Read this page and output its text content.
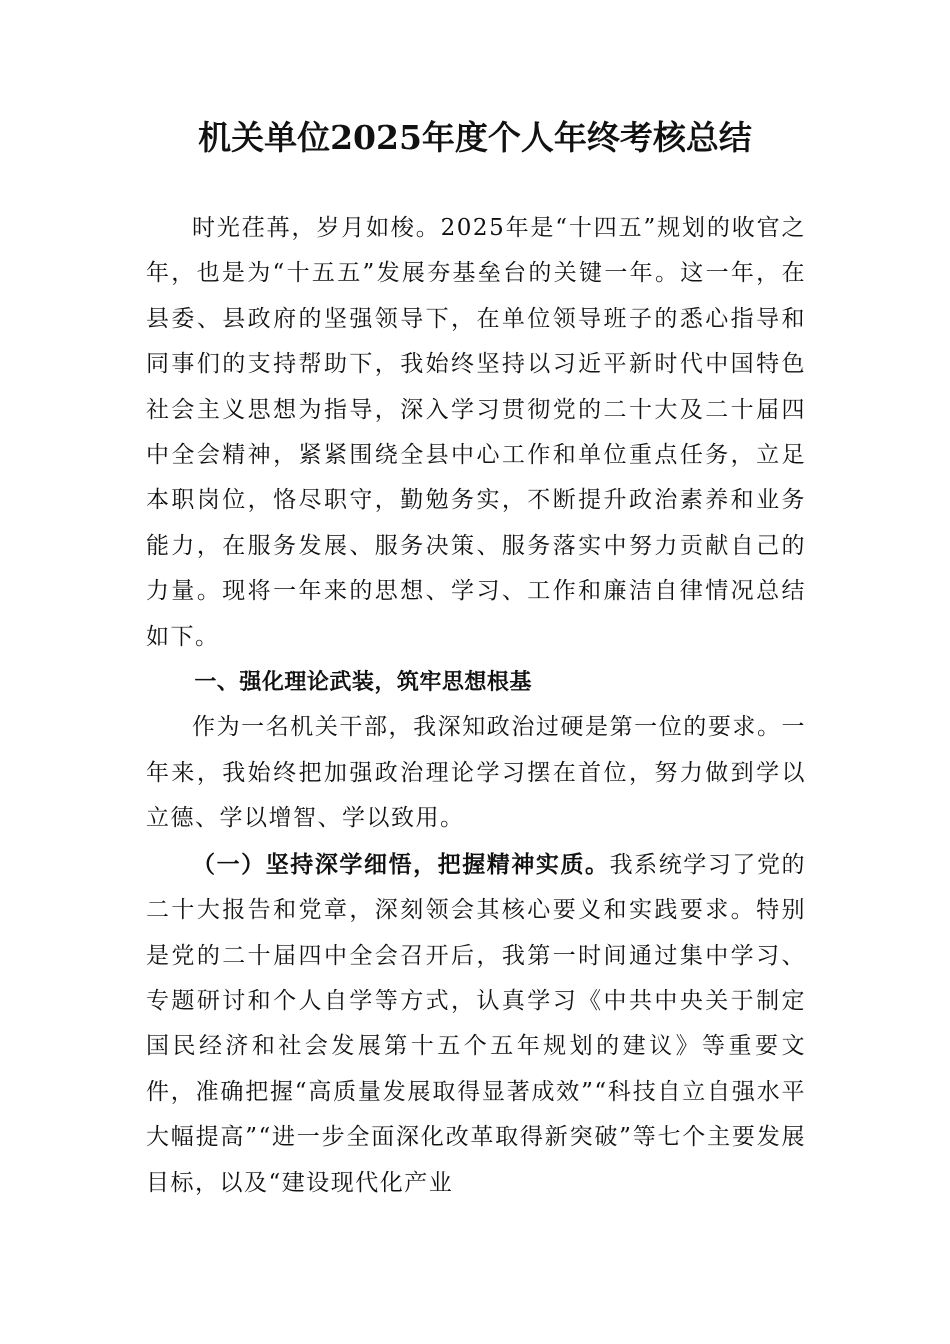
机关单位2025年度个人年终考核总结

时光荏苒，岁月如梭。2025年是“十四五”规划的收官之年，也是为“十五五”发展夯基垒台的关键一年。这一年，在县委、县政府的坚强领导下，在单位领导班子的悉心指导和同事们的支持帮助下，我始终坚持以习近平新时代中国特色社会主义思想为指导，深入学习贯彻党的二十大及二十届四中全会精神，紧紧围绕全县中心工作和单位重点任务，立足本职岗位，恪尽职守，勤勉务实，不断提升政治素养和业务能力，在服务发展、服务决策、服务落实中努力贡献自己的力量。现将一年来的思想、学习、工作和廉洁自律情况总结如下。

一、强化理论武装，筑牢思想根基

作为一名机关干部，我深知政治过硬是第一位的要求。一年来，我始终把加强政治理论学习摆在首位，努力做到学以立德、学以增智、学以致用。

（一）坚持深学细悟，把握精神实质。我系统学习了党的二十大报告和党章，深刻领会其核心要义和实践要求。特别是党的二十届四中全会召开后，我第一时间通过集中学习、专题研讨和个人自学等方式，认真学习《中共中央关于制定国民经济和社会发展第十五个五年规划的建议》等重要文件，准确把握“高质量发展取得显著成效”“科技自立自强水平大幅提高”“进一步全面深化改革取得新突破”等七个主要发展目标，以及“建设现代化产业
